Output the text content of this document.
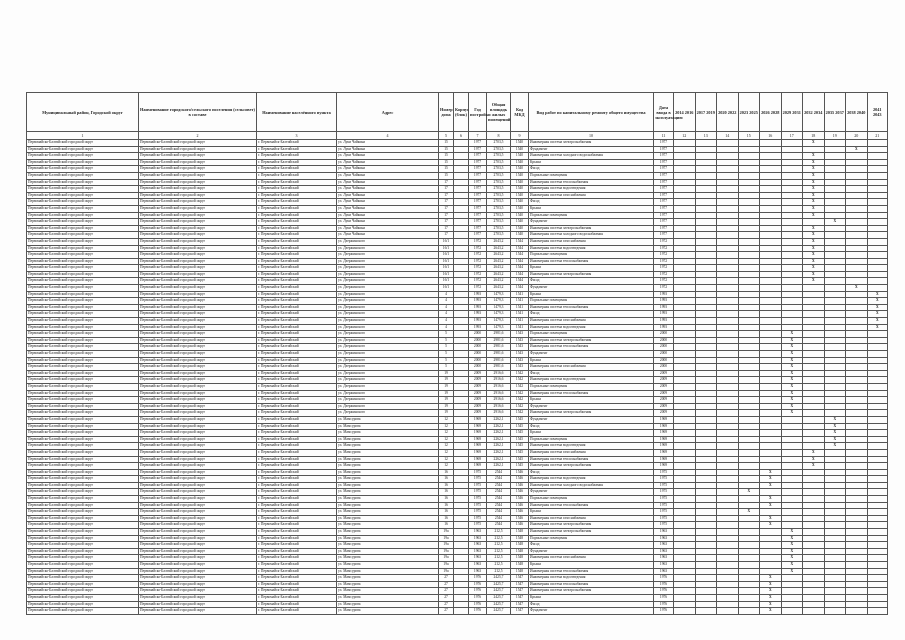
Муниципальный район, Городской округ	Наименование городского/сельского поселения (сельсовет) в составе	Наименование населённого пункта	Адрес	Номер дома	Корпус (блок)	Год постройки	Общая площадь жилых помещений	Код МКД	Вид работ по капитальному ремонту общего имущества	Дата ввода в эксплуатацию	2014 2016	2017 2019	2020 2022	2023 2025	2026 2028	2029 2031	2032 2034	2035 2037	2038 2040	2041 2043
1	2	3	4	5	6	7	8	9	10	11	12	13	14	15	16	17	18	19	20	21
Первомайско-Балтийский городской округ	Первомайско-Балтийский городской округ	г. Первомайск-Балтийский	ул. Луки Чайкина	15		1977	2703,5	1540	Инженерная система электроснабжения	1977							X			
Первомайско-Балтийский городской округ	Первомайско-Балтийский городской округ	г. Первомайск-Балтийский	ул. Луки Чайкина	15		1977	2703,5	1540	Фундамент	1977									X	
Первомайско-Балтийский городской округ	Первомайско-Балтийский городской округ	г. Первомайск-Балтийский	ул. Луки Чайкина	15		1977	2703,5	1540	Инженерная система холодного водоснабжения	1977							X			
Первомайско-Балтийский городской округ	Первомайско-Балтийский городской округ	г. Первомайск-Балтийский	ул. Луки Чайкина	15		1977	2703,5	1540	Крыша	1977							X			
Первомайско-Балтийский городской округ	Первомайско-Балтийский городской округ	г. Первомайск-Балтийский	ул. Луки Чайкина	15		1977	2703,5	1540	Фасад	1977							X			
Первомайско-Балтийский городской округ	Первомайско-Балтийский городской округ	г. Первомайск-Балтийский	ул. Луки Чайкина	15		1977	2703,5	1540	Подвальные помещения	1977							X			
Первомайско-Балтийский городской округ	Первомайско-Балтийский городской округ	г. Первомайск-Балтийский	ул. Луки Чайкина	17		1977	2703,5	1540	Инженерная система теплоснабжения	1977							X			
Первомайско-Балтийский городской округ	Первомайско-Балтийский городской округ	г. Первомайск-Балтийский	ул. Луки Чайкина	17		1977	2703,5	1540	Инженерная система водоотведения	1977							X			
Первомайско-Балтийский городской округ	Первомайско-Балтийский городской округ	г. Первомайск-Балтийский	ул. Луки Чайкина	17		1977	2703,5	1540	Инженерная система газоснабжения	1977							X			
Первомайско-Балтийский городской округ	Первомайско-Балтийский городской округ	г. Первомайск-Балтийский	ул. Луки Чайкина	17		1977	2703,5	1540	Фасад	1977							X			
Первомайско-Балтийский городской округ	Первомайско-Балтийский городской округ	г. Первомайск-Балтийский	ул. Луки Чайкина	17		1977	2703,5	1540	Крыша	1977							X			
Первомайско-Балтийский городской округ	Первомайско-Балтийский городской округ	г. Первомайск-Балтийский	ул. Луки Чайкина	17		1977	2703,5	1540	Подвальные помещения	1977							X			
Первомайско-Балтийский городской округ	Первомайско-Балтийский городской округ	г. Первомайск-Балтийский	ул. Луки Чайкина	17		1977	2703,5	1540	Фундамент	1977								X		
Первомайско-Балтийский городской округ	Первомайско-Балтийский городской округ	г. Первомайск-Балтийский	ул. Луки Чайкина	17		1977	2703,5	1540	Инженерная система электроснабжения	1977							X			
Первомайско-Балтийский городской округ	Первомайско-Балтийский городской округ	г. Первомайск-Балтийский	ул. Луки Чайкина	17		1977	2703,5	1540	Инженерная система холодного водоснабжения	1977							X			
Первомайско-Балтийский городской округ	Первомайско-Балтийский городской округ	г. Первомайск-Балтийский	ул. Дзержинского	16/1		1972	2643,2	1544	Инженерная система газоснабжения	1972							X			
Первомайско-Балтийский городской округ	Первомайско-Балтийский городской округ	г. Первомайск-Балтийский	ул. Дзержинского	16/1		1972	2643,2	1544	Инженерная система водоотведения	1972							X			
Первомайско-Балтийский городской округ	Первомайско-Балтийский городской округ	г. Первомайск-Балтийский	ул. Дзержинского	16/1		1972	2643,2	1544	Подвальные помещения	1972							X			
Первомайско-Балтийский городской округ	Первомайско-Балтийский городской округ	г. Первомайск-Балтийский	ул. Дзержинского	16/1		1972	2643,2	1544	Инженерная система теплоснабжения	1972							X			
Первомайско-Балтийский городской округ	Первомайско-Балтийский городской округ	г. Первомайск-Балтийский	ул. Дзержинского	16/1		1972	2643,2	1544	Крыша	1972							X			
Первомайско-Балтийский городской округ	Первомайско-Балтийский городской округ	г. Первомайск-Балтийский	ул. Дзержинского	16/1		1972	2643,2	1544	Инженерная система электроснабжения	1972							X			
Первомайско-Балтийский городской округ	Первомайско-Балтийский городской округ	г. Первомайск-Балтийский	ул. Дзержинского	16/1		1972	2643,2	1544	Фасад	1972							X			
Первомайско-Балтийский городской округ	Первомайско-Балтийский городской округ	г. Первомайск-Балтийский	ул. Дзержинского	16/1		1972	2643,2	1544	Фундамент	1972									X	
Первомайско-Балтийский городской округ	Первомайско-Балтийский городской округ	г. Первомайск-Балтийский	ул. Дзержинского	4		1993	1479,3	1541	Крыша	1993										X
Первомайско-Балтийский городской округ	Первомайско-Балтийский городской округ	г. Первомайск-Балтийский	ул. Дзержинского	4		1993	1479,3	1541	Подвальные помещения	1993										X
Первомайско-Балтийский городской округ	Первомайско-Балтийский городской округ	г. Первомайск-Балтийский	ул. Дзержинского	4		1993	1479,3	1541	Инженерная система теплоснабжения	1993										X
Первомайско-Балтийский городской округ	Первомайско-Балтийский городской округ	г. Первомайск-Балтийский	ул. Дзержинского	4		1993	1479,3	1541	Фасад	1993										X
Первомайско-Балтийский городской округ	Первомайско-Балтийский городской округ	г. Первомайск-Балтийский	ул. Дзержинского	4		1993	1479,3	1541	Инженерная система газоснабжения	1993										X
Первомайско-Балтийский городской округ	Первомайско-Балтийский городской округ	г. Первомайск-Балтийский	ул. Дзержинского	4		1993	1479,3	1541	Инженерная система водоотведения	1993										X
Первомайско-Балтийский городской округ	Первомайско-Балтийский городской округ	г. Первомайск-Балтийский	ул. Дзержинского	5		2000	2981,6	1543	Подвальные помещения	2000						X				
Первомайско-Балтийский городской округ	Первомайско-Балтийский городской округ	г. Первомайск-Балтийский	ул. Дзержинского	5		2000	2981,6	1543	Инженерная система электроснабжения	2000						X				
Первомайско-Балтийский городской округ	Первомайско-Балтийский городской округ	г. Первомайск-Балтийский	ул. Дзержинского	5		2000	2981,6	1543	Инженерная система теплоснабжения	2000						X				
Первомайско-Балтийский городской округ	Первомайско-Балтийский городской округ	г. Первомайск-Балтийский	ул. Дзержинского	5		2000	2981,6	1543	Фундамент	2000						X				
Первомайско-Балтийский городской округ	Первомайско-Балтийский городской округ	г. Первомайск-Балтийский	ул. Дзержинского	5		2000	2981,6	1543	Крыша	2000						X				
Первомайско-Балтийский городской округ	Первомайско-Балтийский городской округ	г. Первомайск-Балтийский	ул. Дзержинского	5		2000	2981,6	1543	Инженерная система газоснабжения	2000						X				
Первомайско-Балтийский городской округ	Первомайско-Балтийский городской округ	г. Первомайск-Балтийский	ул. Дзержинского	19		2009	2916,6	1542	Фасад	2009						X				
Первомайско-Балтийский городской округ	Первомайско-Балтийский городской округ	г. Первомайск-Балтийский	ул. Дзержинского	19		2009	2916,6	1542	Инженерная система водоотведения	2009						X				
Первомайско-Балтийский городской округ	Первомайско-Балтийский городской округ	г. Первомайск-Балтийский	ул. Дзержинского	19		2009	2916,6	1542	Подвальные помещения	2009						X				
Первомайско-Балтийский городской округ	Первомайско-Балтийский городской округ	г. Первомайск-Балтийский	ул. Дзержинского	19		2009	2916,6	1542	Инженерная система теплоснабжения	2009						X				
Первомайско-Балтийский городской округ	Первомайско-Балтийский городской округ	г. Первомайск-Балтийский	ул. Дзержинского	19		2009	2916,6	1542	Крыша	2009						X				
Первомайско-Балтийский городской округ	Первомайско-Балтийский городской округ	г. Первомайск-Балтийский	ул. Дзержинского	19		2009	2916,6	1542	Фундамент	2009						X				
Первомайско-Балтийский городской округ	Первомайско-Балтийский городской округ	г. Первомайск-Балтийский	ул. Дзержинского	19		2009	2916,6	1542	Инженерная система электроснабжения	2009						X				
Первомайско-Балтийский городской округ	Первомайско-Балтийский городской округ	г. Первомайск-Балтийский	ул. Мамсурова	12		1969	2262,1	1545	Фундамент	1969								X		
Первомайско-Балтийский городской округ	Первомайско-Балтийский городской округ	г. Первомайск-Балтийский	ул. Мамсурова	12		1969	2262,1	1545	Фасад	1969								X		
Первомайско-Балтийский городской округ	Первомайско-Балтийский городской округ	г. Первомайск-Балтийский	ул. Мамсурова	12		1969	2262,1	1545	Крыша	1969								X		
Первомайско-Балтийский городской округ	Первомайско-Балтийский городской округ	г. Первомайск-Балтийский	ул. Мамсурова	12		1969	2262,1	1545	Подвальные помещения	1969								X		
Первомайско-Балтийский городской округ	Первомайско-Балтийский городской округ	г. Первомайск-Балтийский	ул. Мамсурова	12		1969	2262,1	1545	Инженерная система водоотведения	1969								X		
Первомайско-Балтийский городской округ	Первомайско-Балтийский городской округ	г. Первомайск-Балтийский	ул. Мамсурова	12		1969	2262,1	1545	Инженерная система газоснабжения	1969							X			
Первомайско-Балтийский городской округ	Первомайско-Балтийский городской округ	г. Первомайск-Балтийский	ул. Мамсурова	12		1969	2262,1	1545	Инженерная система теплоснабжения	1969							X			
Первомайско-Балтийский городской округ	Первомайско-Балтийский городской округ	г. Первомайск-Балтийский	ул. Мамсурова	12		1969	2262,1	1545	Инженерная система электроснабжения	1969							X			
Первомайско-Балтийский городской округ	Первомайско-Балтийский городской округ	г. Первомайск-Балтийский	ул. Мамсурова	16		1975	2544	1546	Фасад	1975					X					
Первомайско-Балтийский городской округ	Первомайско-Балтийский городской округ	г. Первомайск-Балтийский	ул. Мамсурова	16		1975	2544	1546	Инженерная система водоотведения	1975					X					
Первомайско-Балтийский городской округ	Первомайско-Балтийский городской округ	г. Первомайск-Балтийский	ул. Мамсурова	16		1975	2544	1546	Инженерная система холодного водоснабжения	1975					X					
Первомайско-Балтийский городской округ	Первомайско-Балтийский городской округ	г. Первомайск-Балтийский	ул. Мамсурова	16		1975	2544	1546	Фундамент	1975				X						
Первомайско-Балтийский городской округ	Первомайско-Балтийский городской округ	г. Первомайск-Балтийский	ул. Мамсурова	16		1975	2544	1546	Подвальные помещения	1975					X					
Первомайско-Балтийский городской округ	Первомайско-Балтийский городской округ	г. Первомайск-Балтийский	ул. Мамсурова	16		1975	2544	1546	Инженерная система теплоснабжения	1975					X					
Первомайско-Балтийский городской округ	Первомайско-Балтийский городской округ	г. Первомайск-Балтийский	ул. Мамсурова	16		1975	2544	1546	Крыша	1975				X						
Первомайско-Балтийский городской округ	Первомайско-Балтийский городской округ	г. Первомайск-Балтийский	ул. Мамсурова	16		1975	2544	1546	Инженерная система газоснабжения	1975					X					
Первомайско-Балтийский городской округ	Первомайско-Балтийский городской округ	г. Первомайск-Балтийский	ул. Мамсурова	16		1975	2544	1546	Инженерная система электроснабжения	1975					X					
Первомайско-Балтийский городской округ	Первомайско-Балтийский городской округ	г. Первомайск-Балтийский	ул. Мамсурова	19а		1963	212,5	1548	Инженерная система электроснабжения	1963						X				
Первомайско-Балтийский городской округ	Первомайско-Балтийский городской округ	г. Первомайск-Балтийский	ул. Мамсурова	19а		1963	212,5	1548	Подвальные помещения	1963						X				
Первомайско-Балтийский городской округ	Первомайско-Балтийский городской округ	г. Первомайск-Балтийский	ул. Мамсурова	19а		1963	212,5	1548	Фасад	1963						X				
Первомайско-Балтийский городской округ	Первомайско-Балтийский городской округ	г. Первомайск-Балтийский	ул. Мамсурова	19а		1963	212,5	1548	Фундамент	1963						X				
Первомайско-Балтийский городской округ	Первомайско-Балтийский городской округ	г. Первомайск-Балтийский	ул. Мамсурова	19а		1963	212,5	1548	Инженерная система газоснабжения	1963						X				
Первомайско-Балтийский городской округ	Первомайско-Балтийский городской округ	г. Первомайск-Балтийский	ул. Мамсурова	19а		1963	212,5	1548	Крыша	1963						X				
Первомайско-Балтийский городской округ	Первомайско-Балтийский городской округ	г. Первомайск-Балтийский	ул. Мамсурова	19а		1963	212,5	1548	Инженерная система теплоснабжения	1963						X				
Первомайско-Балтийский городской округ	Первомайско-Балтийский городской округ	г. Первомайск-Балтийский	ул. Мамсурова	27		1976	2425,7	1547	Инженерная система водоотведения	1976					X					
Первомайско-Балтийский городской округ	Первомайско-Балтийский городской округ	г. Первомайск-Балтийский	ул. Мамсурова	27		1976	2425,7	1547	Инженерная система теплоснабжения	1976					X					
Первомайско-Балтийский городской округ	Первомайско-Балтийский городской округ	г. Первомайск-Балтийский	ул. Мамсурова	27		1976	2425,7	1547	Инженерная система электроснабжения	1976					X					
Первомайско-Балтийский городской округ	Первомайско-Балтийский городской округ	г. Первомайск-Балтийский	ул. Мамсурова	27		1976	2425,7	1547	Крыша	1976					X					
Первомайско-Балтийский городской округ	Первомайско-Балтийский городской округ	г. Первомайск-Балтийский	ул. Мамсурова	27		1976	2425,7	1547	Фасад	1976					X					
Первомайско-Балтийский городской округ	Первомайско-Балтийский городской округ	г. Первомайск-Балтийский	ул. Мамсурова	27		1976	2425,7	1547	Фундамент	1976					X					
